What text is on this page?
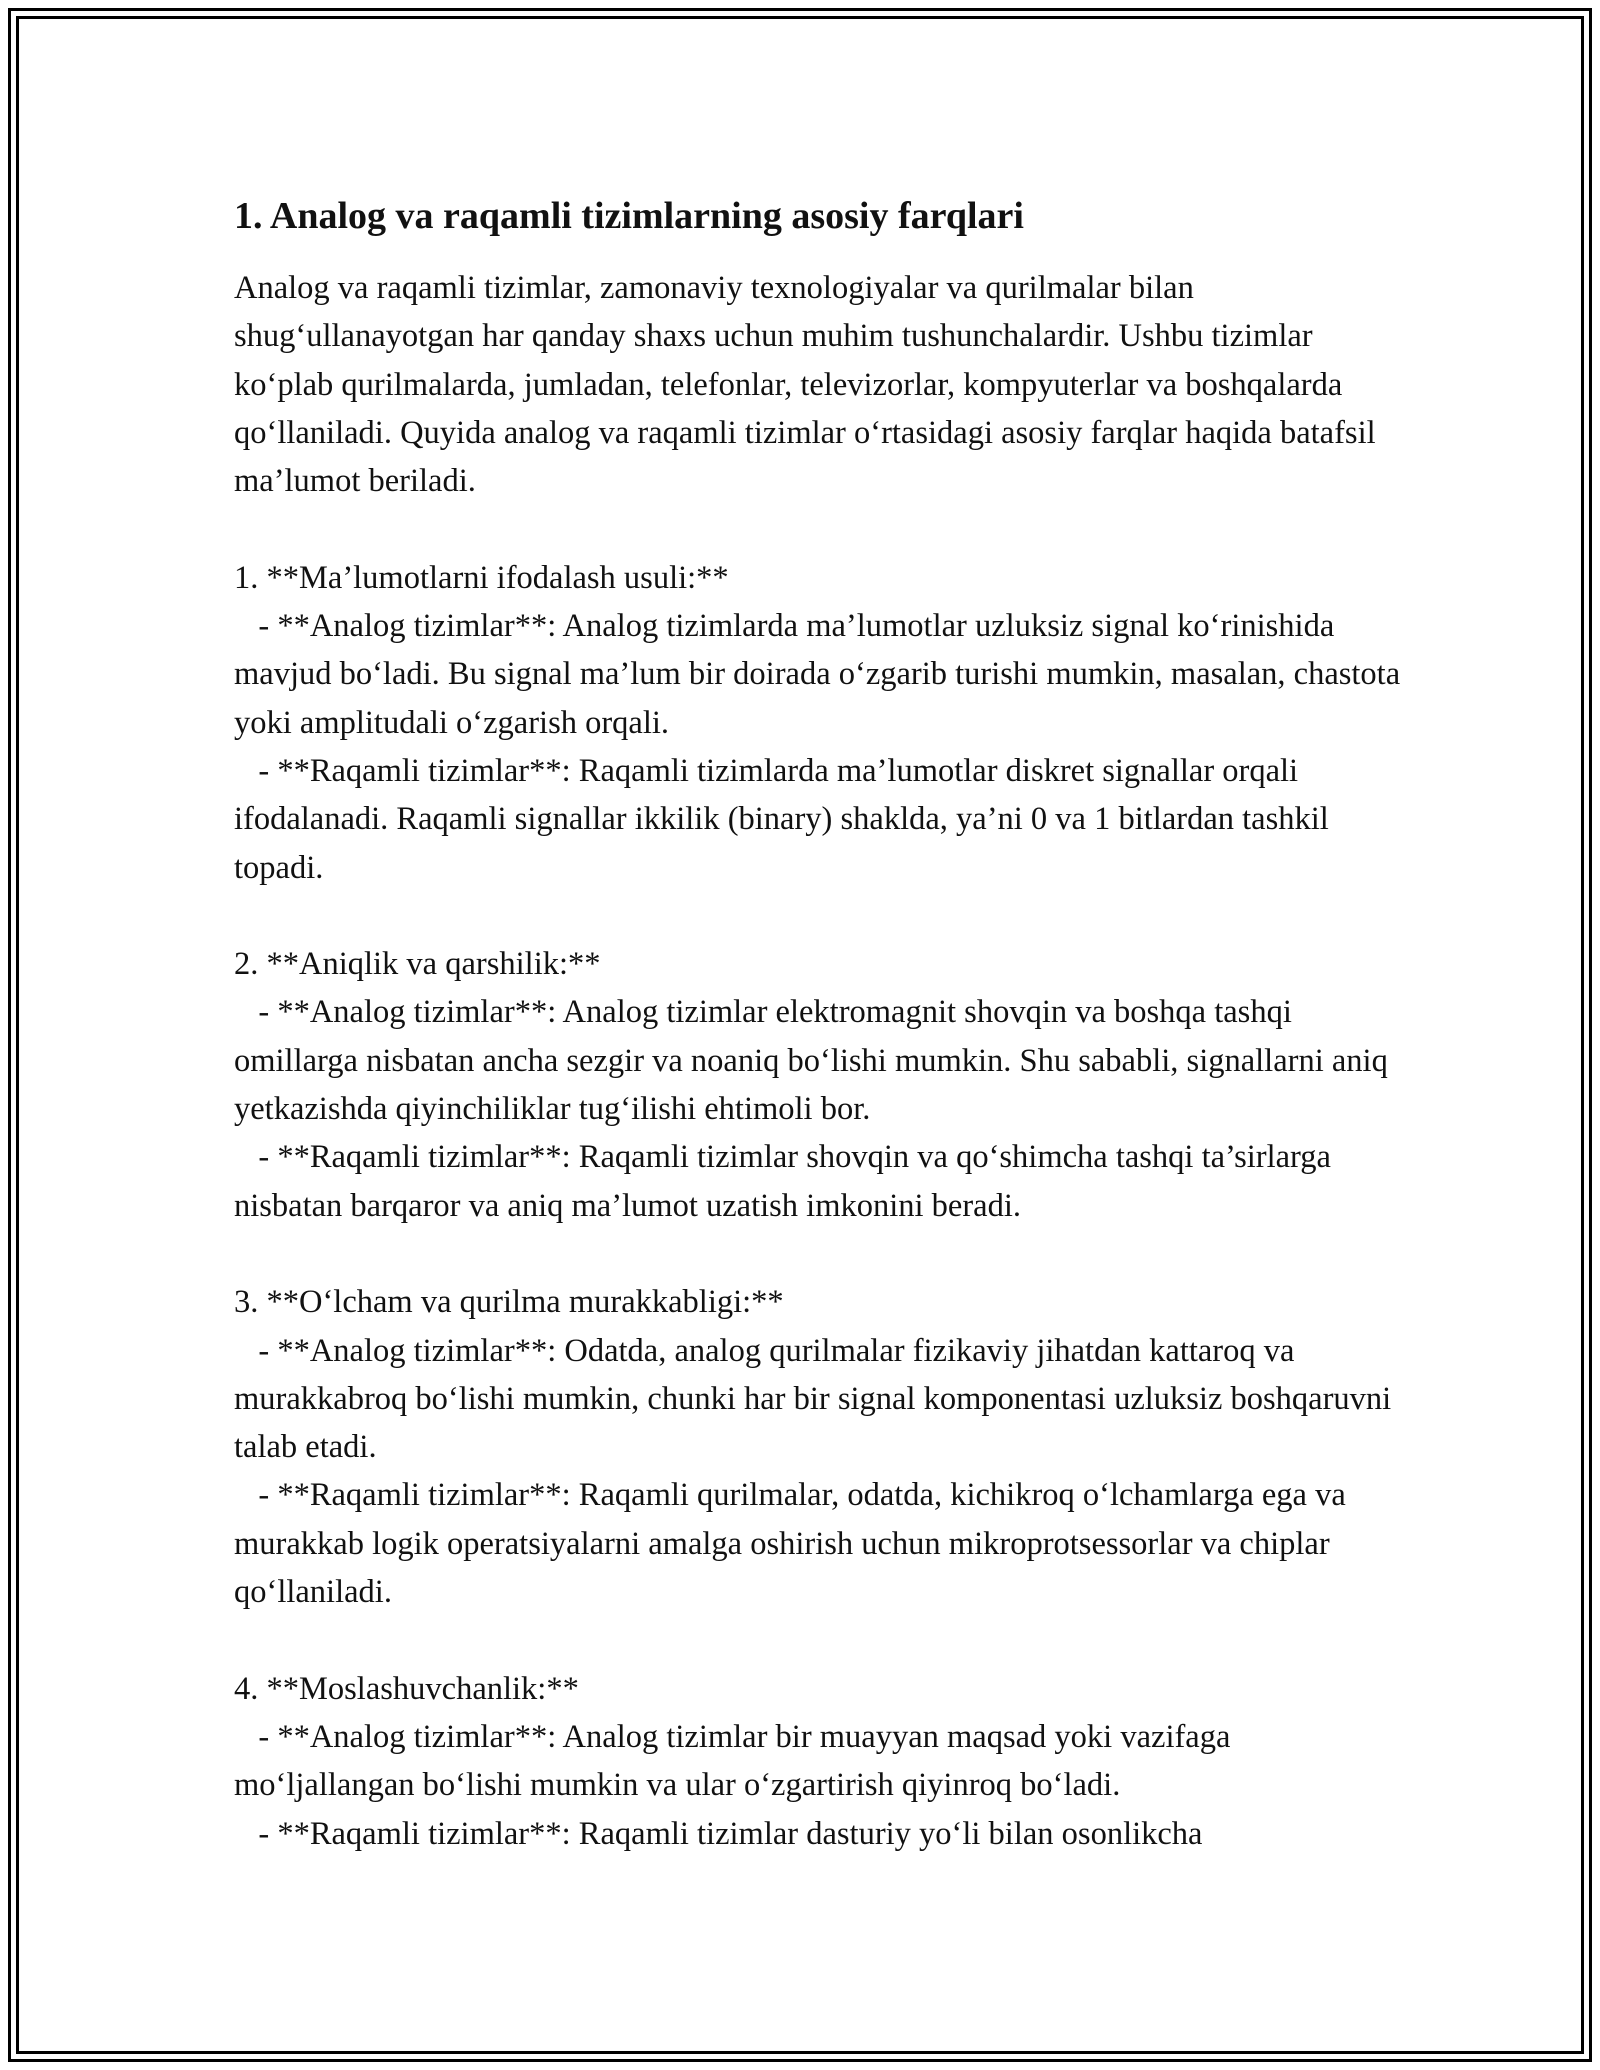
1. Analog va raqamli tizimlarning asosiy farqlari

Analog va raqamli tizimlar, zamonaviy texnologiyalar va qurilmalar bilan shug‘ullanayotgan har qanday shaxs uchun muhim tushunchalardir. Ushbu tizimlar ko‘plab qurilmalarda, jumladan, telefonlar, televizorlar, kompyuterlar va boshqalarda qo‘llaniladi. Quyida analog va raqamli tizimlar o‘rtasidagi asosiy farqlar haqida batafsil ma’lumot beriladi.

1. **Ma’lumotlarni ifodalash usuli:**

- **Analog tizimlar**: Analog tizimlarda ma’lumotlar uzluksiz signal ko‘rinishida mavjud bo‘ladi. Bu signal ma’lum bir doirada o‘zgarib turishi mumkin, masalan, chastota yoki amplitudali o‘zgarish orqali.

- **Raqamli tizimlar**: Raqamli tizimlarda ma’lumotlar diskret signallar orqali ifodalanadi. Raqamli signallar ikkilik (binary) shaklda, ya’ni 0 va 1 bitlardan tashkil topadi.

2. **Aniqlik va qarshilik:**

- **Analog tizimlar**: Analog tizimlar elektromagnit shovqin va boshqa tashqi omillarga nisbatan ancha sezgir va noaniq bo‘lishi mumkin. Shu sababli, signallarni aniq yetkazishda qiyinchiliklar tug‘ilishi ehtimoli bor.

- **Raqamli tizimlar**: Raqamli tizimlar shovqin va qo‘shimcha tashqi ta’sirlarga nisbatan barqaror va aniq ma’lumot uzatish imkonini beradi.

3. **O‘lcham va qurilma murakkabligi:**

- **Analog tizimlar**: Odatda, analog qurilmalar fizikaviy jihatdan kattaroq va murakkabroq bo‘lishi mumkin, chunki har bir signal komponentasi uzluksiz boshqaruvni talab etadi.

- **Raqamli tizimlar**: Raqamli qurilmalar, odatda, kichikroq o‘lchamlarga ega va murakkab logik operatsiyalarni amalga oshirish uchun mikroprotsessorlar va chiplar qo‘llaniladi.

4. **Moslashuvchanlik:**

- **Analog tizimlar**: Analog tizimlar bir muayyan maqsad yoki vazifaga mo‘ljallangan bo‘lishi mumkin va ular o‘zgartirish qiyinroq bo‘ladi.

- **Raqamli tizimlar**: Raqamli tizimlar dasturiy yo‘li bilan osonlikcha
